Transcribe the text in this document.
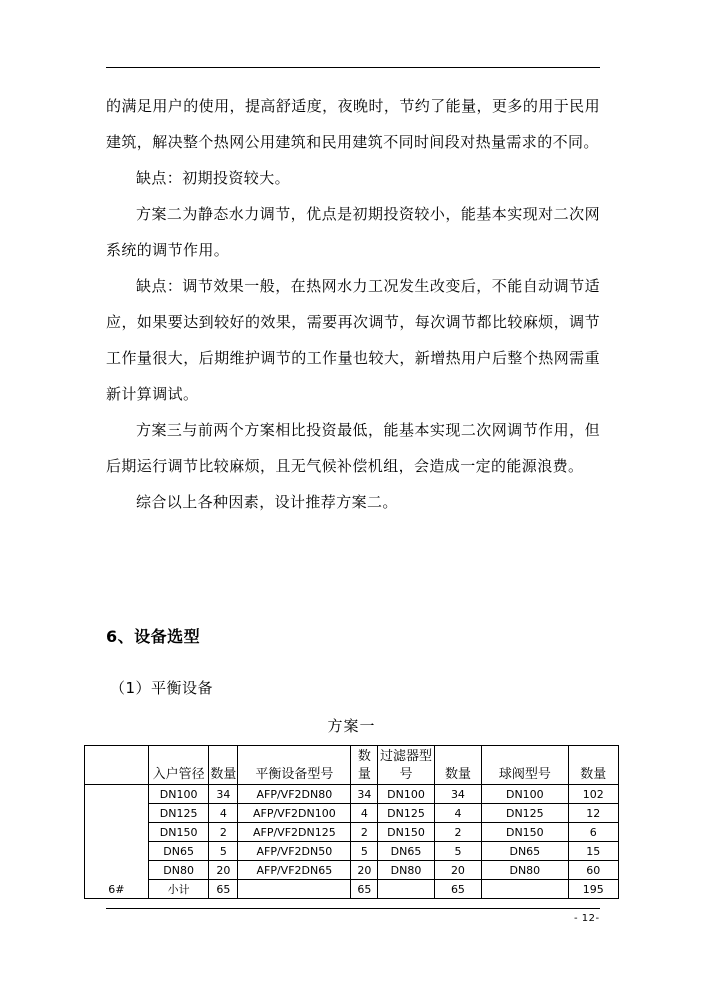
的满足用户的使用，提高舒适度，夜晚时，节约了能量，更多的用于民用建筑，解决整个热网公用建筑和民用建筑不同时间段对热量需求的不同。

缺点：初期投资较大。

方案二为静态水力调节，优点是初期投资较小，能基本实现对二次网系统的调节作用。

缺点：调节效果一般，在热网水力工况发生改变后，不能自动调节适应，如果要达到较好的效果，需要再次调节，每次调节都比较麻烦，调节工作量很大，后期维护调节的工作量也较大，新增热用户后整个热网需重新计算调试。

方案三与前两个方案相比投资最低，能基本实现二次网调节作用，但后期运行调节比较麻烦，且无气候补偿机组，会造成一定的能源浪费。

综合以上各种因素，设计推荐方案二。

6、设备选型
（1）平衡设备
方案一
	入户管径	数量	平衡设备型号	数量	过滤器型号	数量	球阀型号	数量
6#	DN100	34	AFP/VF2DN80	34	DN100	34	DN100	102
	DN125	4	AFP/VF2DN100	4	DN125	4	DN125	12
	DN150	2	AFP/VF2DN125	2	DN150	2	DN150	6
	DN65	5	AFP/VF2DN50	5	DN65	5	DN65	15
	DN80	20	AFP/VF2DN65	20	DN80	20	DN80	60
	小计	65		65		65		195
- 12-
